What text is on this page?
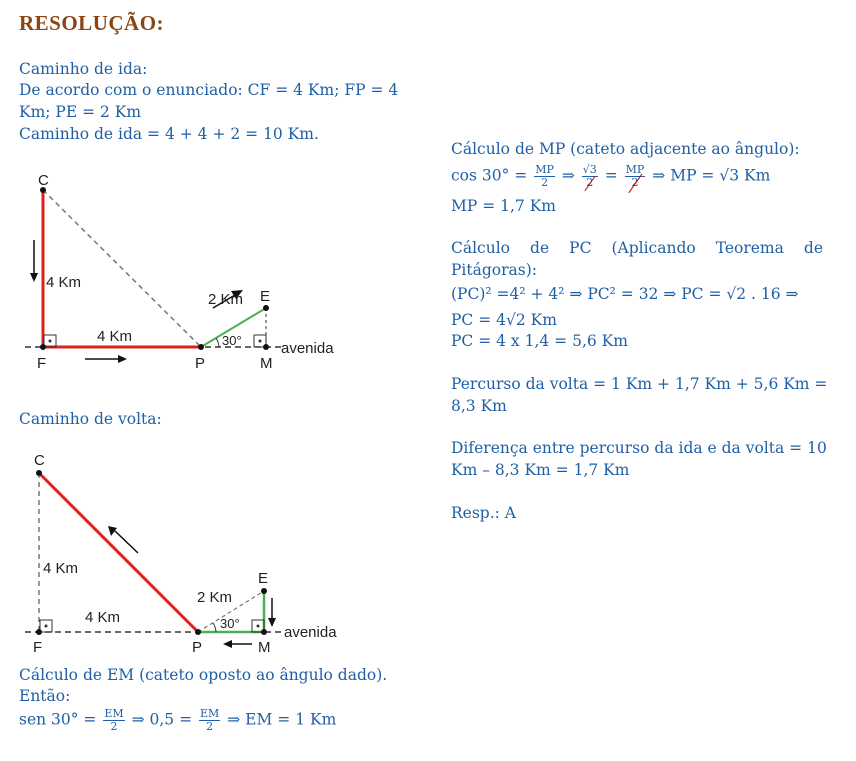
RESOLUÇÃO:
Caminho de ida:
De acordo com o enunciado: CF = 4 Km; FP = 4
Km; PE = 2 Km
Caminho de ida = 4 + 4 + 2 = 10 Km.
C
F	P	M
E
4 Km
4 Km
2 Km
30°	avenida
Caminho de volta:
C
F	P	M
E
4 Km
4 Km
2 Km
30°
avenida
Cálculo de EM (cateto oposto ao ângulo dado).
Então:
sen $30^\circ = \frac{EM}{2}$ ⇒ $0,5 = \frac{EM}{2}$ ⇒ EM = 1 Km
Cálculo de MP (cateto adjacente ao ângulo):
$\cos 30^\circ = \frac{MP}{2}$ ⇒ $\frac{√3}{2} = \frac{MP}{2}$ ⇒ MP = √3 Km
MP = 1,7 Km
Cálculo de PC (Aplicando Teorema de
Pitágoras):
(PC)² =4² + 4² ⇒ PC² = 32 ⇒ PC = √2 . 16 ⇒
PC = 4√2 Km
PC = 4 x 1,4 = 5,6 Km
Percurso da volta = 1 Km + 1,7 Km + 5,6 Km =
8,3 Km
Diferença entre percurso da ida e da volta = 10
Km – 8,3 Km = 1,7 Km
Resp.: A
